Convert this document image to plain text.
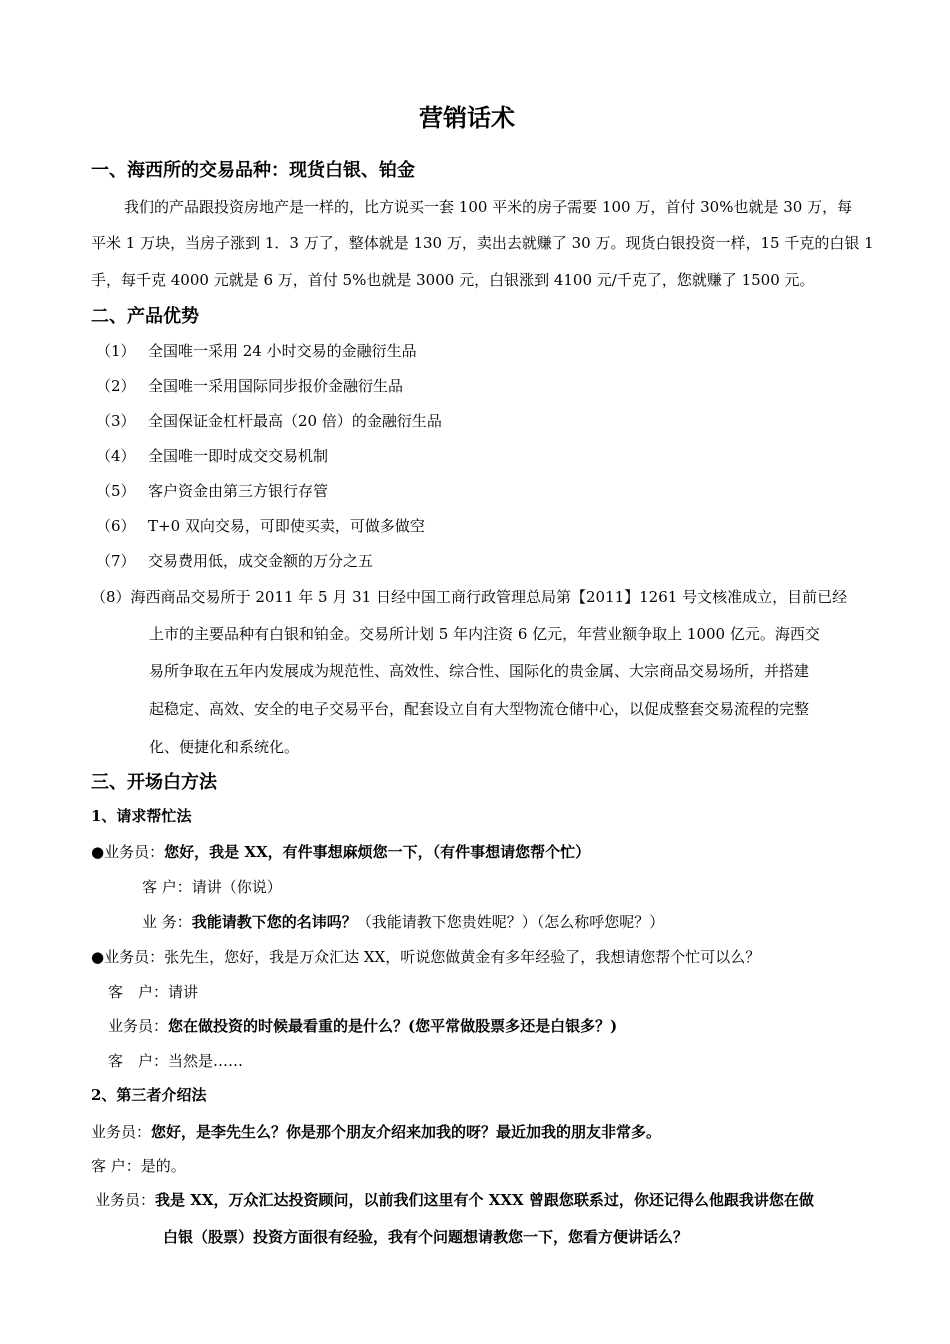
营销话术
一、海西所的交易品种：现货白银、铂金
我们的产品跟投资房地产是一样的，比方说买一套 100 平米的房子需要 100 万，首付 30%也就是 30 万，每
平米 1 万块，当房子涨到 1．3 万了，整体就是 130 万，卖出去就赚了 30 万。现货白银投资一样，15 千克的白银 1
手，每千克 4000 元就是 6 万，首付 5%也就是 3000 元，白银涨到 4100 元/千克了，您就赚了 1500 元。
二、产品优势
（1） 全国唯一采用 24 小时交易的金融衍生品
（2） 全国唯一采用国际同步报价金融衍生品
（3） 全国保证金杠杆最高（20 倍）的金融衍生品
（4） 全国唯一即时成交交易机制
（5） 客户资金由第三方银行存管
（6） T+0 双向交易，可即使买卖，可做多做空
（7） 交易费用低，成交金额的万分之五
（8）海西商品交易所于 2011 年 5 月 31 日经中国工商行政管理总局第【2011】1261 号文核准成立，目前已经
上市的主要品种有白银和铂金。交易所计划 5 年内注资 6 亿元，年营业额争取上 1000 亿元。海西交
易所争取在五年内发展成为规范性、高效性、综合性、国际化的贵金属、大宗商品交易场所，并搭建
起稳定、高效、安全的电子交易平台，配套设立自有大型物流仓储中心，以促成整套交易流程的完整
化、便捷化和系统化。
三、开场白方法
1、请求帮忙法
●业务员：您好，我是 XX，有件事想麻烦您一下，（有件事想请您帮个忙）
客 户：请讲（你说）
业 务：我能请教下您的名讳吗？（我能请教下您贵姓呢？）（怎么称呼您呢？）
●业务员：张先生，您好，我是万众汇达 XX，听说您做黄金有多年经验了，我想请您帮个忙可以么？
客　户：请讲
业务员：您在做投资的时候最看重的是什么？(您平常做股票多还是白银多？)
客　户：当然是……
2、第三者介绍法
业务员：您好，是李先生么？你是那个朋友介绍来加我的呀？最近加我的朋友非常多。
客 户：是的。
业务员：我是 XX，万众汇达投资顾问，以前我们这里有个 XXX 曾跟您联系过，你还记得么他跟我讲您在做
白银（股票）投资方面很有经验，我有个问题想请教您一下，您看方便讲话么？
